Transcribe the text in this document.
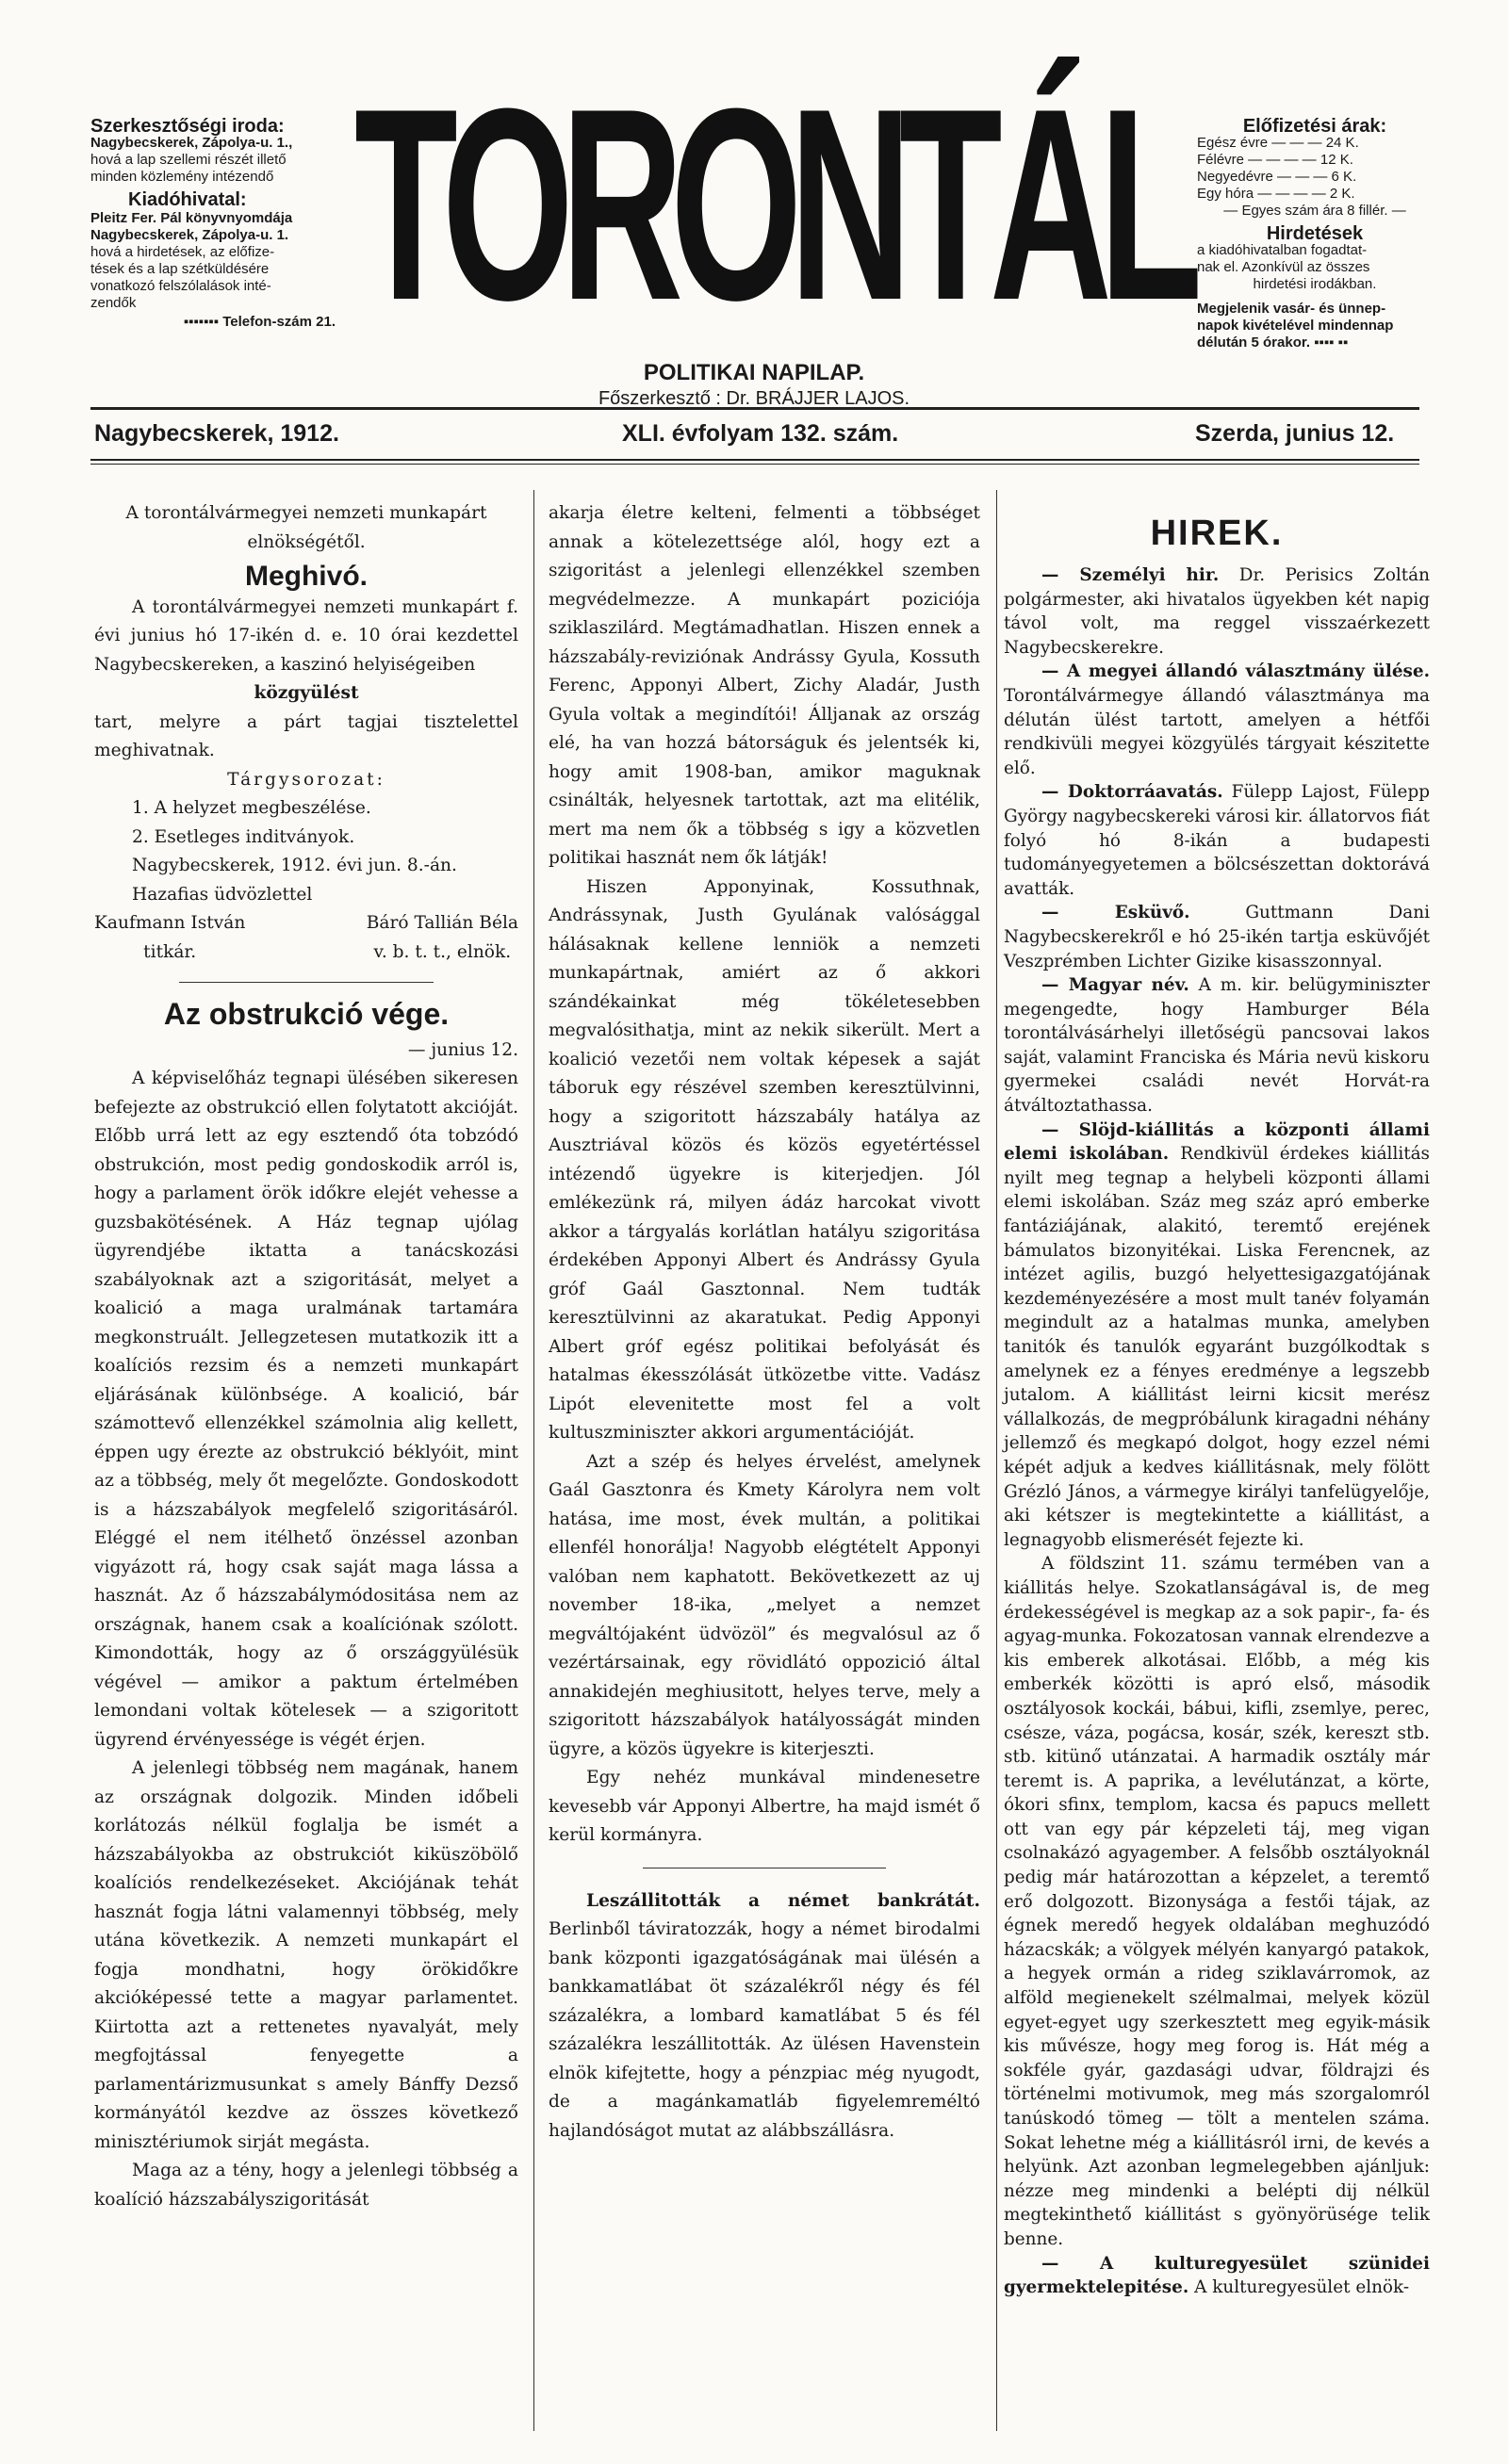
Szerkesztőségi iroda:
Nagybecskerek, Zápolya-u. 1.,
hová a lap szellemi részét illető
minden közlemény intézendő
Kiadóhivatal:
Pleitz Fer. Pál könyvnyomdája
Nagybecskerek, Zápolya-u. 1.
hová a hirdetések, az előfize-
tések és a lap szétküldésére
vonatkozó felszólalások inté-
zendők
▪▪▪▪▪▪▪ Telefon-szám 21. TORONTÁL
POLITIKAI NAPILAP.
Főszerkesztő : Dr. BRÁJJER LAJOS.
Előfizetési árak:
Egész évre — — — 24 K.
Félévre — — — — 12 K.
Negyedévre — — — 6 K.
Egy hóra — — — — 2 K.
— Egyes szám ára 8 fillér. —
Hirdetések
a kiadóhivatalban fogadtat-
nak el. Azonkívül az összes
hirdetési irodákban.
Megjelenik vasár- és ünnep-
napok kivételével mindennap
délután 5 órakor. ▪▪▪▪ ▪▪
Nagybecskerek, 1912.	XLI. évfolyam 132. szám.	Szerda, junius 12.

A torontálvármegyei nemzeti munkapárt elnökségétől.

Meghivó.

A torontálvármegyei nemzeti munkapárt f. évi junius hó 17-ikén d. e. 10 órai kezdettel Nagybecskereken, a kaszinó helyiségeiben

közgyülést

tart, melyre a párt tagjai tisztelettel meghivatnak.

Tárgysorozat:

1. A helyzet megbeszélése.

2. Esetleges inditványok.

Nagybecskerek, 1912. évi jun. 8.-án.

Hazafias üdvözlettel

Kaufmann István
titkár.
Báró Tallián Béla
v. b. t. t., elnök.
Az obstrukció vége.

— junius 12.

A képviselőház tegnapi ülésében sikeresen befejezte az obstrukció ellen folytatott akcióját. Előbb urrá lett az egy esztendő óta tobzódó obstrukción, most pedig gondoskodik arról is, hogy a parlament örök időkre elejét vehesse a guzsbakötésének. A Ház tegnap ujólag ügyrendjébe iktatta a tanácskozási szabályoknak azt a szigoritását, melyet a koalició a maga uralmának tartamára megkonstruált. Jellegzetesen mutatkozik itt a koalíciós rezsim és a nemzeti munkapárt eljárásának különbsége. A koalició, bár számottevő ellenzékkel számolnia alig kellett, éppen ugy érezte az obstrukció béklyóit, mint az a többség, mely őt megelőzte. Gondoskodott is a házszabályok megfelelő szigoritásáról. Eléggé el nem itélhető önzéssel azonban vigyázott rá, hogy csak saját maga lássa a hasznát. Az ő házszabálymódositása nem az országnak, hanem csak a koalíciónak szólott. Kimondották, hogy az ő országgyülésük végével — amikor a paktum értelmében lemondani voltak kötelesek — a szigoritott ügyrend érvényessége is végét érjen.

A jelenlegi többség nem magának, hanem az országnak dolgozik. Minden időbeli korlátozás nélkül foglalja be ismét a házszabályokba az obstrukciót kiküszöbölő koalíciós rendelkezéseket. Akciójának tehát hasznát fogja látni valamennyi többség, mely utána következik. A nemzeti munkapárt el fogja mondhatni, hogy örökidőkre akcióképessé tette a magyar parlamentet. Kiirtotta azt a rettenetes nyavalyát, mely megfojtással fenyegette a parlamentárizmusunkat s amely Bánffy Dezső kormányától kezdve az összes következő minisztériumok sirját megásta.

Maga az a tény, hogy a jelenlegi többség a koalíció házszabályszigoritását

akarja életre kelteni, felmenti a többséget annak a kötelezettsége alól, hogy ezt a szigoritást a jelenlegi ellenzékkel szemben megvédelmezze. A munkapárt poziciója sziklaszilárd. Megtámadhatlan. Hiszen ennek a házszabály-reviziónak Andrássy Gyula, Kossuth Ferenc, Apponyi Albert, Zichy Aladár, Justh Gyula voltak a megindítói! Álljanak az ország elé, ha van hozzá bátorságuk és jelentsék ki, hogy amit 1908-ban, amikor maguknak csinálták, helyesnek tartottak, azt ma elitélik, mert ma nem ők a többség s igy a közvetlen politikai hasznát nem ők látják!

Hiszen Apponyinak, Kossuthnak, Andrássynak, Justh Gyulának valósággal hálásaknak kellene lenniök a nemzeti munkapártnak, amiért az ő akkori szándékainkat még tökéletesebben megvalósithatja, mint az nekik sikerült. Mert a koalició vezetői nem voltak képesek a saját táboruk egy részével szemben keresztülvinni, hogy a szigoritott házszabály hatálya az Ausztriával közös és közös egyetértéssel intézendő ügyekre is kiterjedjen. Jól emlékezünk rá, milyen ádáz harcokat vivott akkor a tárgyalás korlátlan hatályu szigoritása érdekében Apponyi Albert és Andrássy Gyula gróf Gaál Gasztonnal. Nem tudták keresztülvinni az akaratukat. Pedig Apponyi Albert gróf egész politikai befolyását és hatalmas ékesszólását ütközetbe vitte. Vadász Lipót elevenitette most fel a volt kultuszminiszter akkori argumentációját.

Azt a szép és helyes érvelést, amelynek Gaál Gasztonra és Kmety Károlyra nem volt hatása, ime most, évek multán, a politikai ellenfél honorálja! Nagyobb elégtételt Apponyi valóban nem kaphatott. Bekövetkezett az uj november 18-ika, „melyet a nemzet megváltójaként üdvözöl” és megvalósul az ő vezértársainak, egy rövidlátó oppozició által annakidején meghiusitott, helyes terve, mely a szigoritott házszabályok hatályosságát minden ügyre, a közös ügyekre is kiterjeszti.

Egy nehéz munkával mindenesetre kevesebb vár Apponyi Albertre, ha majd ismét ő kerül kormányra.

Leszállitották a német bankrátát. Berlinből táviratozzák, hogy a német birodalmi bank központi igazgatóságának mai ülésén a bankkamatlábat öt százalékről négy és fél százalékra, a lombard kamatlábat 5 és fél százalékra leszállitották. Az ülésen Havenstein elnök kifejtette, hogy a pénzpiac még nyugodt, de a magánkamatláb figyelemreméltó hajlandóságot mutat az alábbszállásra.

HIREK.

— Személyi hir. Dr. Perisics Zoltán polgármester, aki hivatalos ügyekben két napig távol volt, ma reggel visszaérkezett Nagybecskerekre.

— A megyei állandó választmány ülése. Torontálvármegye állandó választmánya ma délután ülést tartott, amelyen a hétfői rendkivüli megyei közgyülés tárgyait készitette elő.

— Doktorráavatás. Fülepp Lajost, Fülepp György nagybecskereki városi kir. állatorvos fiát folyó hó 8-ikán a budapesti tudományegyetemen a bölcsészettan doktorává avatták.

— Esküvő.	Guttmann Dani Nagybecskerekről e hó 25-ikén tartja esküvőjét Veszprémben Lichter Gizike kisasszonnyal.

— Magyar név. A m. kir. belügyminiszter megengedte, hogy Hamburger Béla torontálvásárhelyi illetőségü pancsovai lakos saját, valamint Franciska és Mária nevü kiskoru gyermekei családi nevét Horvát-ra átváltoztathassa.

— Slöjd-kiállitás a központi állami elemi iskolában. Rendkivül érdekes kiállitás nyilt meg tegnap a helybeli központi állami elemi iskolában. Száz meg száz apró emberke fantáziájának, alakitó, teremtő erejének bámulatos bizonyitékai. Liska Ferencnek, az intézet agilis, buzgó helyettesigazgatójának kezdeményezésére a most mult tanév folyamán megindult az a hatalmas munka, amelyben tanitók és tanulók egyaránt buzgólkodtak s amelynek ez a fényes eredménye a legszebb jutalom. A kiállitást leirni kicsit merész vállalkozás, de megpróbálunk kiragadni néhány jellemző és megkapó dolgot, hogy ezzel némi képét adjuk a kedves kiállitásnak, mely fölött Grézló János, a vármegye királyi tanfelügyelője, aki kétszer is megtekintette a kiállitást, a legnagyobb elismerését fejezte ki.

A földszint 11. számu termében van a kiállitás helye. Szokatlanságával is, de meg érdekességével is megkap az a sok papir-, fa- és agyag-munka. Fokozatosan vannak elrendezve a kis emberek alkotásai. Előbb, a még kis emberkék közötti is apró első, második osztályosok kockái, bábui, kifli, zsemlye, perec, csésze, váza, pogácsa, kosár, szék, kereszt stb. stb. kitünő utánzatai. A harmadik osztály már teremt is. A paprika, a levélutánzat, a körte, ókori sfinx, templom, kacsa és papucs mellett ott van egy pár képzeleti táj, meg vigan csolnakázó agyagember. A felsőbb osztályoknál pedig már határozottan a képzelet, a teremtő erő dolgozott. Bizonyságа a festői tájak, az égnek meredő hegyek oldalában meghuzódó házacskák; a völgyek mélyén kanyargó patakok, a hegyek ormán a rideg sziklavárromok, az alföld megienekelt szélmalmai, melyek közül egyet-egyet ugy szerkesztett meg egyik-másik kis művésze, hogy meg forog is. Hát még a sokféle gyár, gazdasági udvar, földrajzi és történelmi motivumok, meg más szorgalomról tanúskodó tömeg — tölt a mentelen száma. Sokat lehetne még a kiállitásról irni, de kevés a helyünk. Azt azonban legmelegebben ajánljuk: nézze meg mindenki a belépti dij nélkül megtekinthető kiállitást s gyönyörüsége telik benne.

— A kulturegyesület szünidei gyermektelepitése. A kulturegyesület elnök-
